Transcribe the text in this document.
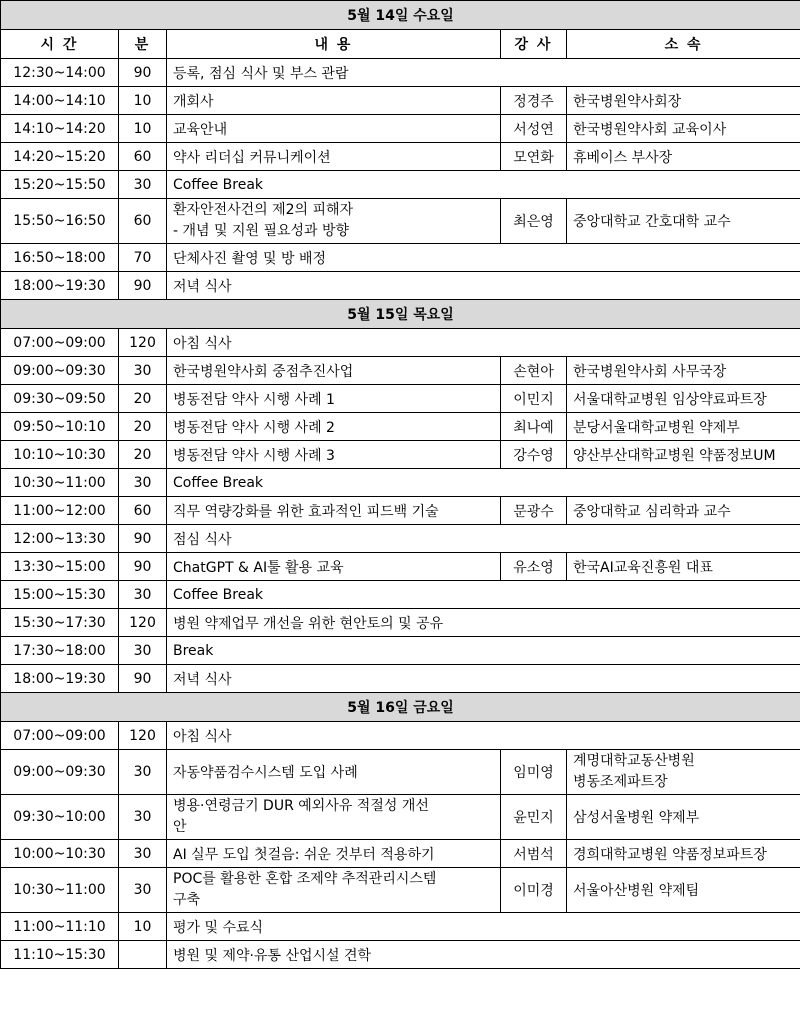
5월 14일 수요일				
시 간	분	내 용	강 사	소 속
12:30~14:00	90	등록, 점심 식사 및 부스 관람		
14:00~14:10	10	개회사	정경주	한국병원약사회장
14:10~14:20	10	교육안내	서성연	한국병원약사회 교육이사
14:20~15:20	60	약사 리더십 커뮤니케이션	모연화	휴베이스 부사장
15:20~15:50	30	Coffee Break		
15:50~16:50	60	환자안전사건의 제2의 피해자
- 개념 및 지원 필요성과 방향	최은영	중앙대학교 간호대학 교수
16:50~18:00	70	단체사진 촬영 및 방 배정		
18:00~19:30	90	저녁 식사		
5월 15일 목요일				
07:00~09:00	120	아침 식사		
09:00~09:30	30	한국병원약사회 중점추진사업	손현아	한국병원약사회 사무국장
09:30~09:50	20	병동전담 약사 시행 사례 1	이민지	서울대학교병원 임상약료파트장
09:50~10:10	20	병동전담 약사 시행 사례 2	최나예	분당서울대학교병원 약제부
10:10~10:30	20	병동전담 약사 시행 사례 3	강수영	양산부산대학교병원 약품정보UM
10:30~11:00	30	Coffee Break		
11:00~12:00	60	직무 역량강화를 위한 효과적인 피드백 기술	문광수	중앙대학교 심리학과 교수
12:00~13:30	90	점심 식사		
13:30~15:00	90	ChatGPT & AI툴 활용 교육	유소영	한국AI교육진흥원 대표
15:00~15:30	30	Coffee Break		
15:30~17:30	120	병원 약제업무 개선을 위한 현안토의 및 공유		
17:30~18:00	30	Break		
18:00~19:30	90	저녁 식사		
5월 16일 금요일				
07:00~09:00	120	아침 식사		
09:00~09:30	30	자동약품검수시스템 도입 사례	임미영	계명대학교동산병원
병동조제파트장
09:30~10:00	30	병용·연령금기 DUR 예외사유 적절성 개선
안	윤민지	삼성서울병원 약제부
10:00~10:30	30	AI 실무 도입 첫걸음: 쉬운 것부터 적용하기	서범석	경희대학교병원 약품정보파트장
10:30~11:00	30	POC를 활용한 혼합 조제약 추적관리시스템
구축	이미경	서울아산병원 약제팀
11:00~11:10	10	평가 및 수료식		
11:10~15:30		병원 및 제약·유통 산업시설 견학		
